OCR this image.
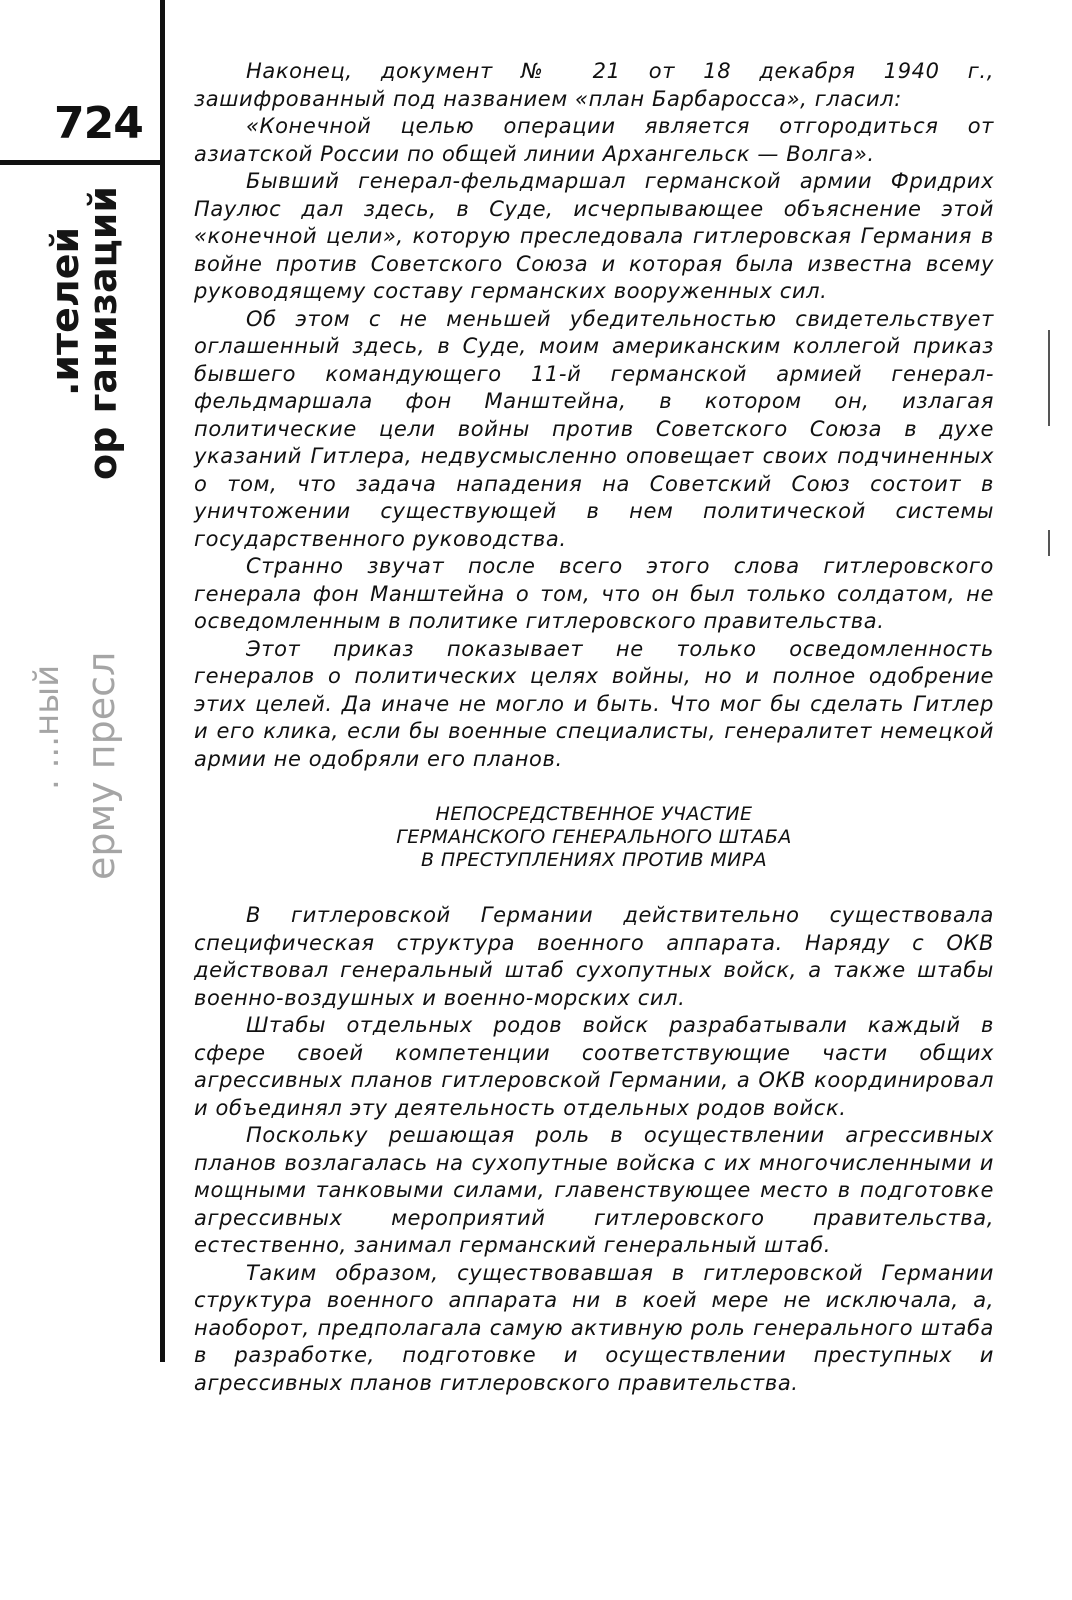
724
.ителей
ор ганизаций
. ...ный ерму пресл

Наконец, документ № 21 от 18 декабря 1940 г., зашифрованный под названием «план Барбаросса», гласил:

«Конечной целью операции является отгородиться от азиатской России по общей линии Архангельск — Волга».

Бывший генерал-фельдмаршал германской армии Фридрих Паулюс дал здесь, в Суде, исчерпывающее объяснение этой «конечной цели», которую преследовала гитлеровская Германия в войне против Советского Союза и которая была известна всему руководящему составу германских вооруженных сил.

Об этом с не меньшей убедительностью свидетельствует оглашенный здесь, в Суде, моим американским коллегой приказ бывшего командующего 11-й германской армией генерал-фельдмаршала фон Манштейна, в котором он, излагая политические цели войны против Советского Союза в духе указаний Гитлера, недвусмысленно оповещает своих подчиненных о том, что задача нападения на Советский Союз состоит в уничтожении существующей в нем политической системы государственного руководства.

Странно звучат после всего этого слова гитлеровского генерала фон Манштейна о том, что он был только солдатом, не осведомленным в политике гитлеровского правительства.

Этот приказ показывает не только осведомленность генералов о политических целях войны, но и полное одобрение этих целей. Да иначе не могло и быть. Что мог бы сделать Гитлер и его клика, если бы военные специалисты, генералитет немецкой армии не одобряли его планов.

НЕПОСРЕДСТВЕННОЕ УЧАСТИЕ
ГЕРМАНСКОГО ГЕНЕРАЛЬНОГО ШТАБА
В ПРЕСТУПЛЕНИЯХ ПРОТИВ МИРА

В гитлеровской Германии действительно существовала специфическая структура военного аппарата. Наряду с ОКВ действовал генеральный штаб сухопутных войск, а также штабы военно-воздушных и военно-морских сил.

Штабы отдельных родов войск разрабатывали каждый в сфере своей компетенции соответствующие части общих агрессивных планов гитлеровской Германии, а ОКВ координировал и объединял эту деятельность отдельных родов войск.

Поскольку решающая роль в осуществлении агрессивных планов возлагалась на сухопутные войска с их многочисленными и мощными танковыми силами, главенствующее место в подготовке агрессивных мероприятий гитлеровского правительства, естественно, занимал германский генеральный штаб.

Таким образом, существовавшая в гитлеровской Германии структура военного аппарата ни в коей мере не исключала, а, наоборот, предполагала самую активную роль генерального штаба в разработке, подготовке и осуществлении преступных и агрессивных планов гитлеровского правительства.
